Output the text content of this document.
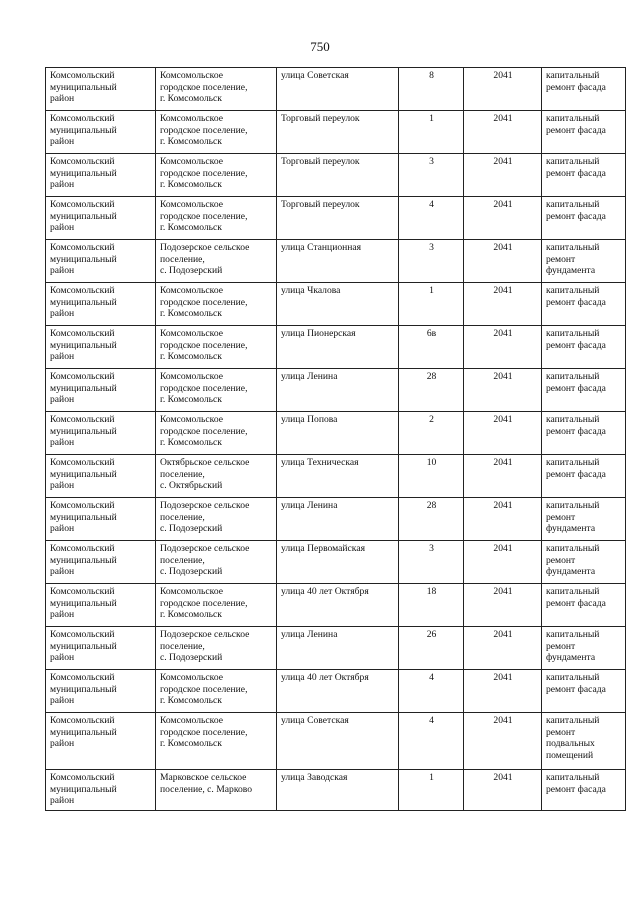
750
Комсомольский
муниципальный
район	Комсомольское
городское поселение,
г. Комсомольск	улица Советская	8	2041	капитальный
ремонт фасада

Комсомольский
муниципальный
район	Комсомольское
городское поселение,
г. Комсомольск	Торговый переулок	1	2041	капитальный
ремонт фасада

Комсомольский
муниципальный
район	Комсомольское
городское поселение,
г. Комсомольск	Торговый переулок	3	2041	капитальный
ремонт фасада

Комсомольский
муниципальный
район	Комсомольское
городское поселение,
г. Комсомольск	Торговый переулок	4	2041	капитальный
ремонт фасада

Комсомольский
муниципальный
район	Подозерское сельское
поселение,
с. Подозерский	улица Станционная	3	2041	капитальный
ремонт
фундамента

Комсомольский
муниципальный
район	Комсомольское
городское поселение,
г. Комсомольск	улица Чкалова	1	2041	капитальный
ремонт фасада

Комсомольский
муниципальный
район	Комсомольское
городское поселение,
г. Комсомольск	улица Пионерская	6в	2041	капитальный
ремонт фасада

Комсомольский
муниципальный
район	Комсомольское
городское поселение,
г. Комсомольск	улица Ленина	28	2041	капитальный
ремонт фасада

Комсомольский
муниципальный
район	Комсомольское
городское поселение,
г. Комсомольск	улица Попова	2	2041	капитальный
ремонт фасада

Комсомольский
муниципальный
район	Октябрьское сельское
поселение,
с. Октябрьский	улица Техническая	10	2041	капитальный
ремонт фасада

Комсомольский
муниципальный
район	Подозерское сельское
поселение,
с. Подозерский	улица Ленина	28	2041	капитальный
ремонт
фундамента

Комсомольский
муниципальный
район	Подозерское сельское
поселение,
с. Подозерский	улица Первомайская	3	2041	капитальный
ремонт
фундамента

Комсомольский
муниципальный
район	Комсомольское
городское поселение,
г. Комсомольск	улица 40 лет Октября	18	2041	капитальный
ремонт фасада

Комсомольский
муниципальный
район	Подозерское сельское
поселение,
с. Подозерский	улица Ленина	26	2041	капитальный
ремонт
фундамента

Комсомольский
муниципальный
район	Комсомольское
городское поселение,
г. Комсомольск	улица 40 лет Октября	4	2041	капитальный
ремонт фасада

Комсомольский
муниципальный
район	Комсомольское
городское поселение,
г. Комсомольск	улица Советская	4	2041	капитальный
ремонт
подвальных
помещений

Комсомольский
муниципальный
район	Марковское сельское
поселение, с. Марково	улица Заводская	1	2041	капитальный
ремонт фасада
